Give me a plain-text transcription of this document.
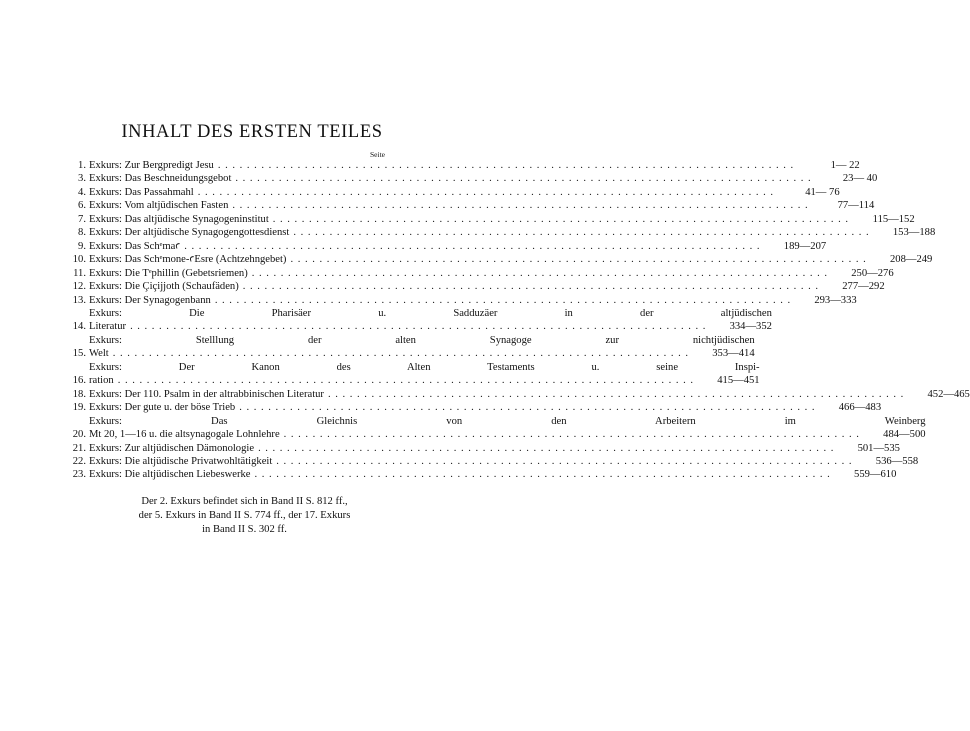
INHALT DES ERSTEN TEILES
Seite
1. Exkurs: Zur Bergpredigt Jesu ................................................................................	1— 22
3. Exkurs: Das Beschneidungsgebot ................................................................................	23— 40
4. Exkurs: Das Passahmahl ................................................................................	41— 76
6. Exkurs: Vom altjüdischen Fasten ................................................................................	77—114
7. Exkurs: Das altjüdische Synagogeninstitut ................................................................................	115—152
8. Exkurs: Der altjüdische Synagogengottesdienst ................................................................................	153—188
9. Exkurs: Das Schᵉmaꜥ ................................................................................	189—207
10. Exkurs: Das Schᵉmone-ꜥEsre (Achtzehngebet) ................................................................................	208—249
11. Exkurs: Die Tᵉphillin (Gebetsriemen) ................................................................................	250—276
12. Exkurs: Die Çiçijjoth (Schaufäden) ................................................................................	277—292
13. Exkurs: Der Synagogenbann ................................................................................	293—333
14.
Exkurs: Die Pharisäer u. Sadduzäer in der altjüdischen
Literatur ................................................................................	334—352
15.
Exkurs: Stelllung der alten Synagoge zur nichtjüdischen
Welt ................................................................................	353—414
16.
Exkurs: Der Kanon des Alten Testaments u. seine Inspi-
ration ................................................................................	415—451
18. Exkurs: Der 110. Psalm in der altrabbinischen Literatur ................................................................................	452—465
19. Exkurs: Der gute u. der böse Trieb ................................................................................	466—483
20.
Exkurs: Das Gleichnis von den Arbeitern im Weinberg
Mt 20, 1—16 u. die altsynagogale Lohnlehre ................................................................................	484—500
21. Exkurs: Zur altjüdischen Dämonologie ................................................................................	501—535
22. Exkurs: Die altjüdische Privatwohltätigkeit ................................................................................	536—558
23. Exkurs: Die altjüdischen Liebeswerke ................................................................................	559—610
Der 2. Exkurs befindet sich in Band II S. 812 ff.,
der 5. Exkurs in Band II S. 774 ff., der 17. Exkurs
in Band II S. 302 ff.
